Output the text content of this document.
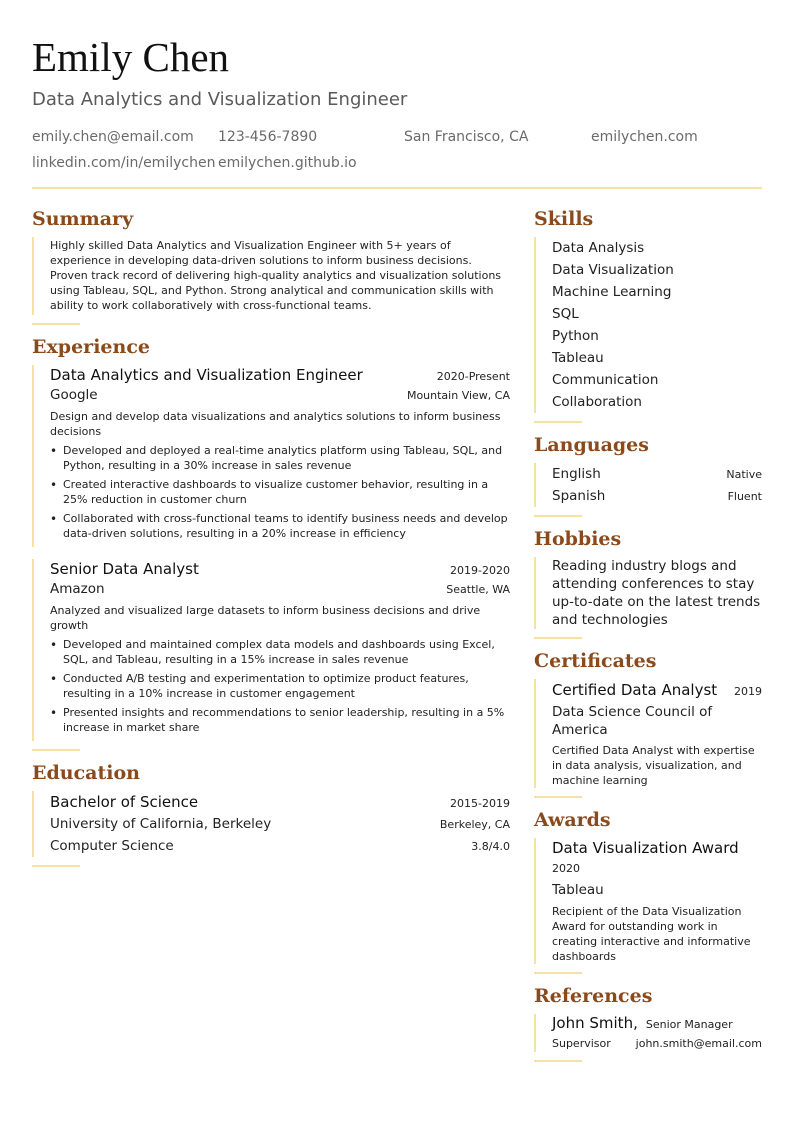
Emily Chen
Data Analytics and Visualization Engineer
emily.chen@email.com 123-456-7890	San Francisco, CA	emilychen.com
linkedin.com/in/emilychen emilychen.github.io
Summary
Highly skilled Data Analytics and Visualization Engineer with 5+ years of experience in developing data-driven solutions to inform business decisions. Proven track record of delivering high-quality analytics and visualization solutions using Tableau, SQL, and Python. Strong analytical and communication skills with ability to work collaboratively with cross-functional teams.
Experience
Data Analytics and Visualization Engineer	2020-Present
Google	Mountain View, CA
Design and develop data visualizations and analytics solutions to inform business decisions
• Developed and deployed a real-time analytics platform using Tableau, SQL, and Python, resulting in a 30% increase in sales revenue
• Created interactive dashboards to visualize customer behavior, resulting in a 25% reduction in customer churn
• Collaborated with cross-functional teams to identify business needs and develop data-driven solutions, resulting in a 20% increase in efficiency
Senior Data Analyst	2019-2020
Amazon	Seattle, WA
Analyzed and visualized large datasets to inform business decisions and drive growth
• Developed and maintained complex data models and dashboards using Excel, SQL, and Tableau, resulting in a 15% increase in sales revenue
• Conducted A/B testing and experimentation to optimize product features, resulting in a 10% increase in customer engagement
• Presented insights and recommendations to senior leadership, resulting in a 5% increase in market share
Education
Bachelor of Science	2015-2019
University of California, Berkeley	Berkeley, CA
Computer Science	3.8/4.0
Skills
Data Analysis
Data Visualization
Machine Learning
SQL
Python
Tableau
Communication
Collaboration
Languages
English	Native
Spanish	Fluent
Hobbies
Reading industry blogs and attending conferences to stay up-to-date on the latest trends and technologies
Certificates
Certified Data Analyst 2019
Data Science Council of America
Certified Data Analyst with expertise in data analysis, visualization, and machine learning
Awards
Data Visualization Award
2020
Tableau
Recipient of the Data Visualization Award for outstanding work in creating interactive and informative dashboards
References
John Smith, Senior Manager
Supervisor john.smith@email.com
